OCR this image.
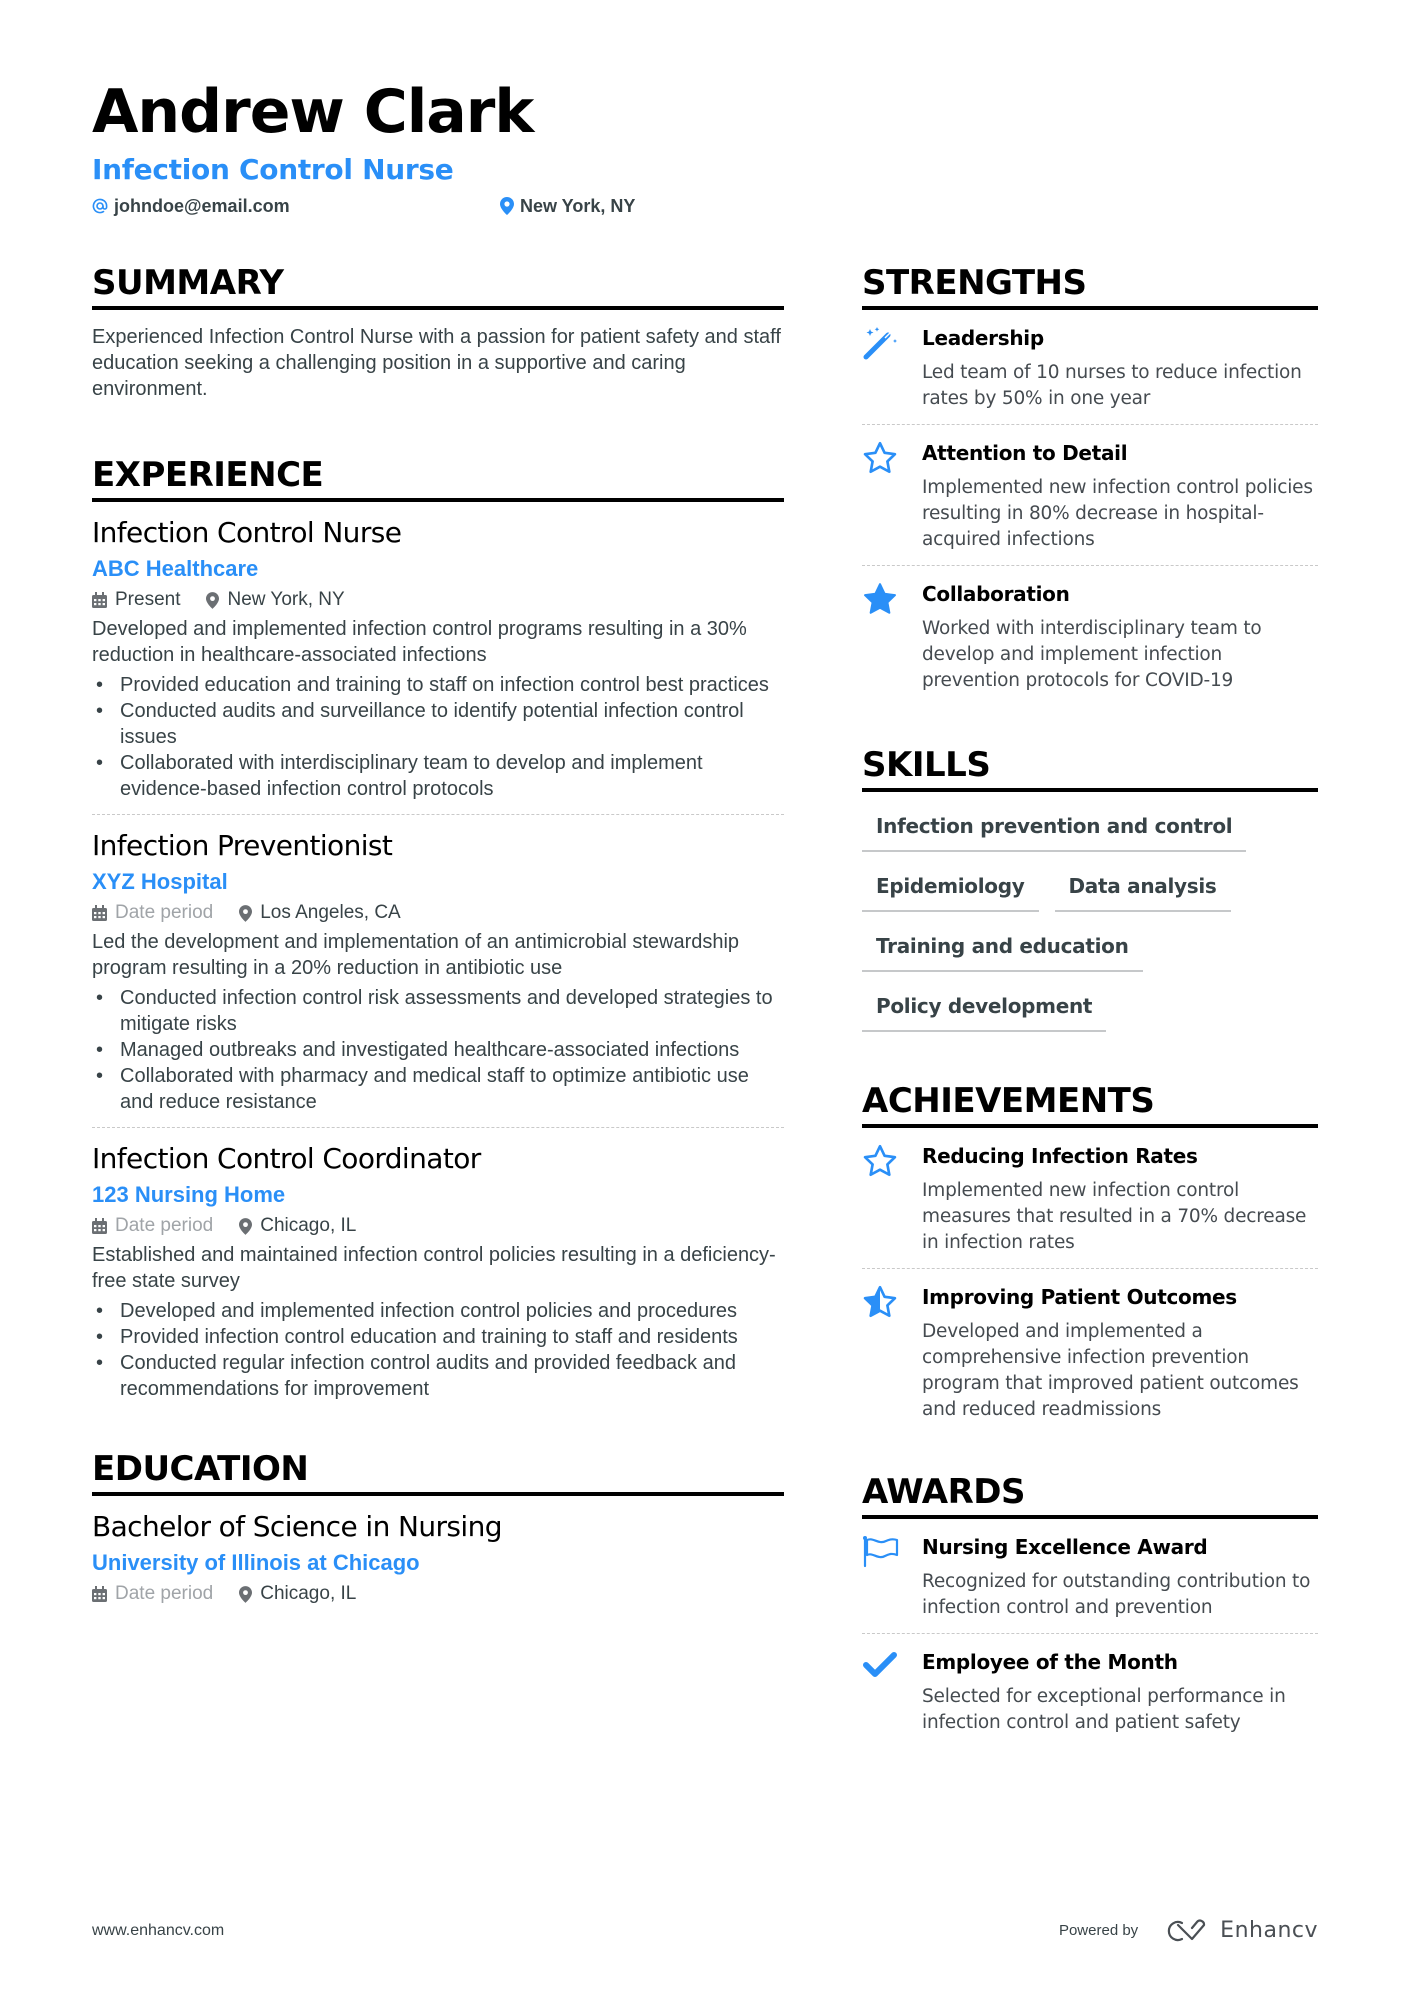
Andrew Clark
Infection Control Nurse
johndoe@email.com	New York, NY
SUMMARY
Experienced Infection Control Nurse with a passion for patient safety and staff education seeking a challenging position in a supportive and caring environment.
EXPERIENCE
Infection Control Nurse
ABC Healthcare
Present New York, NY
Developed and implemented infection control programs resulting in a 30% reduction in healthcare-associated infections
• Provided education and training to staff on infection control best practices
• Conducted audits and surveillance to identify potential infection control issues
• Collaborated with interdisciplinary team to develop and implement evidence-based infection control protocols
Infection Preventionist
XYZ Hospital
Date period Los Angeles, CA
Led the development and implementation of an antimicrobial stewardship program resulting in a 20% reduction in antibiotic use
• Conducted infection control risk assessments and developed strategies to mitigate risks
• Managed outbreaks and investigated healthcare-associated infections
• Collaborated with pharmacy and medical staff to optimize antibiotic use and reduce resistance
Infection Control Coordinator
123 Nursing Home
Date period Chicago, IL
Established and maintained infection control policies resulting in a deficiency-free state survey
• Developed and implemented infection control policies and procedures
• Provided infection control education and training to staff and residents
• Conducted regular infection control audits and provided feedback and recommendations for improvement
EDUCATION
Bachelor of Science in Nursing
University of Illinois at Chicago
Date period Chicago, IL
STRENGTHS
Leadership
Led team of 10 nurses to reduce infection rates by 50% in one year
Attention to Detail
Implemented new infection control policies resulting in 80% decrease in hospital-acquired infections
Collaboration
Worked with interdisciplinary team to develop and implement infection prevention protocols for COVID-19
SKILLS
Infection prevention and control
Epidemiology	Data analysis
Training and education
Policy development
ACHIEVEMENTS
Reducing Infection Rates
Implemented new infection control measures that resulted in a 70% decrease in infection rates
Improving Patient Outcomes
Developed and implemented a comprehensive infection prevention program that improved patient outcomes and reduced readmissions
AWARDS
Nursing Excellence Award
Recognized for outstanding contribution to infection control and prevention
Employee of the Month
Selected for exceptional performance in infection control and patient safety
www.enhancv.com	Powered by	Enhancv
